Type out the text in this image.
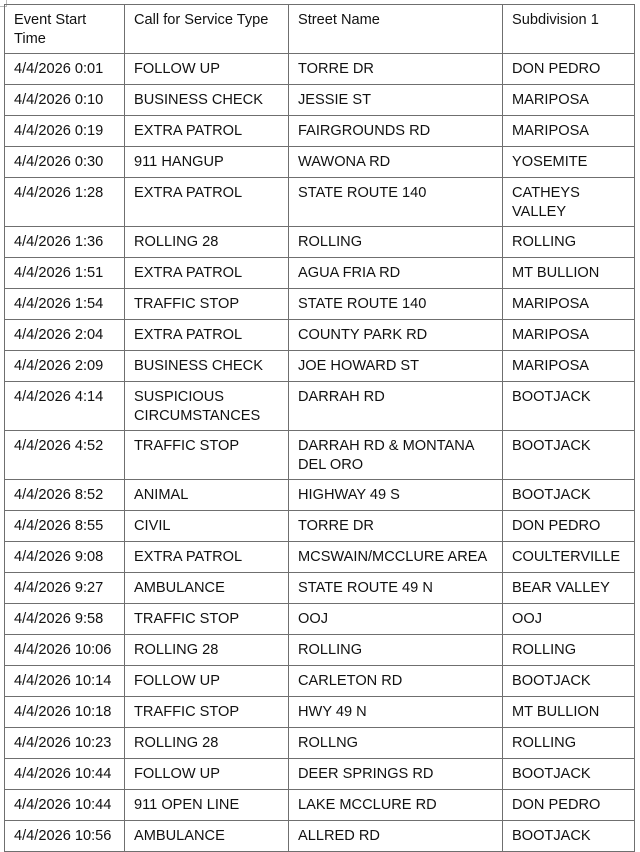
Event Start Time	Call for Service Type	Street Name	Subdivision 1
4/4/2026 0:01	FOLLOW UP	TORRE DR	DON PEDRO
4/4/2026 0:10	BUSINESS CHECK	JESSIE ST	MARIPOSA
4/4/2026 0:19	EXTRA PATROL	FAIRGROUNDS RD	MARIPOSA
4/4/2026 0:30	911 HANGUP	WAWONA RD	YOSEMITE
4/4/2026 1:28	EXTRA PATROL	STATE ROUTE 140	CATHEYS VALLEY
4/4/2026 1:36	ROLLING 28	ROLLING	ROLLING
4/4/2026 1:51	EXTRA PATROL	AGUA FRIA RD	MT BULLION
4/4/2026 1:54	TRAFFIC STOP	STATE ROUTE 140	MARIPOSA
4/4/2026 2:04	EXTRA PATROL	COUNTY PARK RD	MARIPOSA
4/4/2026 2:09	BUSINESS CHECK	JOE HOWARD ST	MARIPOSA
4/4/2026 4:14	SUSPICIOUS CIRCUMSTANCES	DARRAH RD	BOOTJACK
4/4/2026 4:52	TRAFFIC STOP	DARRAH RD & MONTANA DEL ORO	BOOTJACK
4/4/2026 8:52	ANIMAL	HIGHWAY 49 S	BOOTJACK
4/4/2026 8:55	CIVIL	TORRE DR	DON PEDRO
4/4/2026 9:08	EXTRA PATROL	MCSWAIN/MCCLURE AREA	COULTERVILLE
4/4/2026 9:27	AMBULANCE	STATE ROUTE 49 N	BEAR VALLEY
4/4/2026 9:58	TRAFFIC STOP	OOJ	OOJ
4/4/2026 10:06	ROLLING 28	ROLLING	ROLLING
4/4/2026 10:14	FOLLOW UP	CARLETON RD	BOOTJACK
4/4/2026 10:18	TRAFFIC STOP	HWY 49 N	MT BULLION
4/4/2026 10:23	ROLLING 28	ROLLNG	ROLLING
4/4/2026 10:44	FOLLOW UP	DEER SPRINGS RD	BOOTJACK
4/4/2026 10:44	911 OPEN LINE	LAKE MCCLURE RD	DON PEDRO
4/4/2026 10:56	AMBULANCE	ALLRED RD	BOOTJACK
